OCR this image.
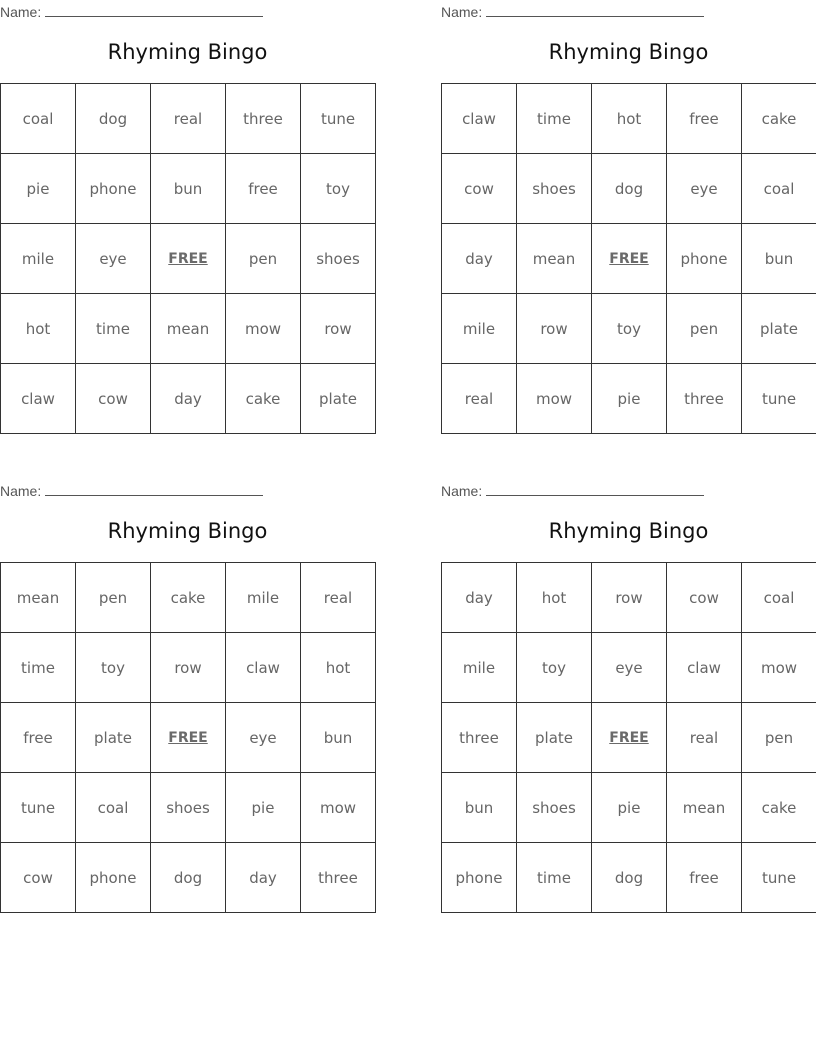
Name:
Rhyming Bingo
coal	dog	real	three	tune
pie	phone	bun	free	toy
mile	eye	FREE	pen	shoes
hot	time	mean	mow	row
claw	cow	day	cake	plate
Name:
Rhyming Bingo
claw	time	hot	free	cake
cow	shoes	dog	eye	coal
day	mean	FREE	phone	bun
mile	row	toy	pen	plate
real	mow	pie	three	tune
Name:
Rhyming Bingo
mean	pen	cake	mile	real
time	toy	row	claw	hot
free	plate	FREE	eye	bun
tune	coal	shoes	pie	mow
cow	phone	dog	day	three
Name:
Rhyming Bingo
day	hot	row	cow	coal
mile	toy	eye	claw	mow
three	plate	FREE	real	pen
bun	shoes	pie	mean	cake
phone	time	dog	free	tune
